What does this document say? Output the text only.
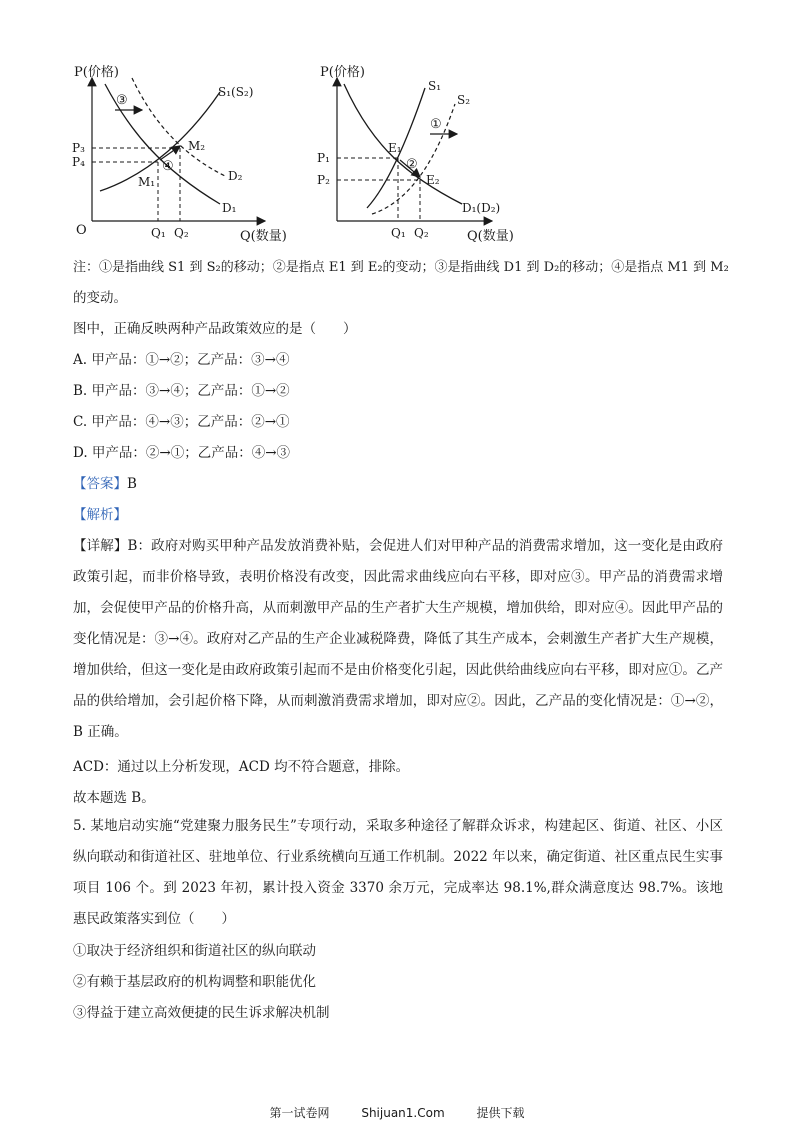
P(价格)
Q(数量)
O
D₁
D₂
S₁(S₂)
P₃
P₄
Q₁ Q₂
M₁
M₂
④
③
P(价格)
Q(数量)
D₁(D₂)
S₁
S₂
P₁
P₂
Q₁ Q₂
E₁
E₂
②
①
注：①是指曲线 S1 到 S₂的移动；②是指点 E1 到 E₂的变动；③是指曲线 D1 到 D₂的移动；④是指点 M1 到 M₂
的变动。
图中，正确反映两种产品政策效应的是（　　）
A. 甲产品：①→②；乙产品：③→④
B. 甲产品：③→④；乙产品：①→②
C. 甲产品：④→③；乙产品：②→①
D. 甲产品：②→①；乙产品：④→③
【答案】B
【解析】
【详解】B：政府对购买甲种产品发放消费补贴，会促进人们对甲种产品的消费需求增加，这一变化是由政府政策引起，而非价格导致，表明价格没有改变，因此需求曲线应向右平移，即对应③。甲产品的消费需求增加，会促使甲产品的价格升高，从而刺激甲产品的生产者扩大生产规模，增加供给，即对应④。因此甲产品的变化情况是：③→④。政府对乙产品的生产企业减税降费，降低了其生产成本，会刺激生产者扩大生产规模，增加供给，但这一变化是由政府政策引起而不是由价格变化引起，因此供给曲线应向右平移，即对应①。乙产品的供给增加，会引起价格下降，从而刺激消费需求增加，即对应②。因此，乙产品的变化情况是：①→②，B 正确。
ACD：通过以上分析发现，ACD 均不符合题意，排除。
故本题选 B。
5. 某地启动实施“党建聚力服务民生”专项行动，采取多种途径了解群众诉求，构建起区、街道、社区、小区纵向联动和街道社区、驻地单位、行业系统横向互通工作机制。2022 年以来，确定街道、社区重点民生实事项目 106 个。到 2023 年初，累计投入资金 3370 余万元，完成率达 98.1%,群众满意度达 98.7%。该地惠民政策落实到位（　　）
①取决于经济组织和街道社区的纵向联动
②有赖于基层政府的机构调整和职能优化
③得益于建立高效便捷的民生诉求解决机制
第一试卷网	Shijuan1.Com	提供下载
